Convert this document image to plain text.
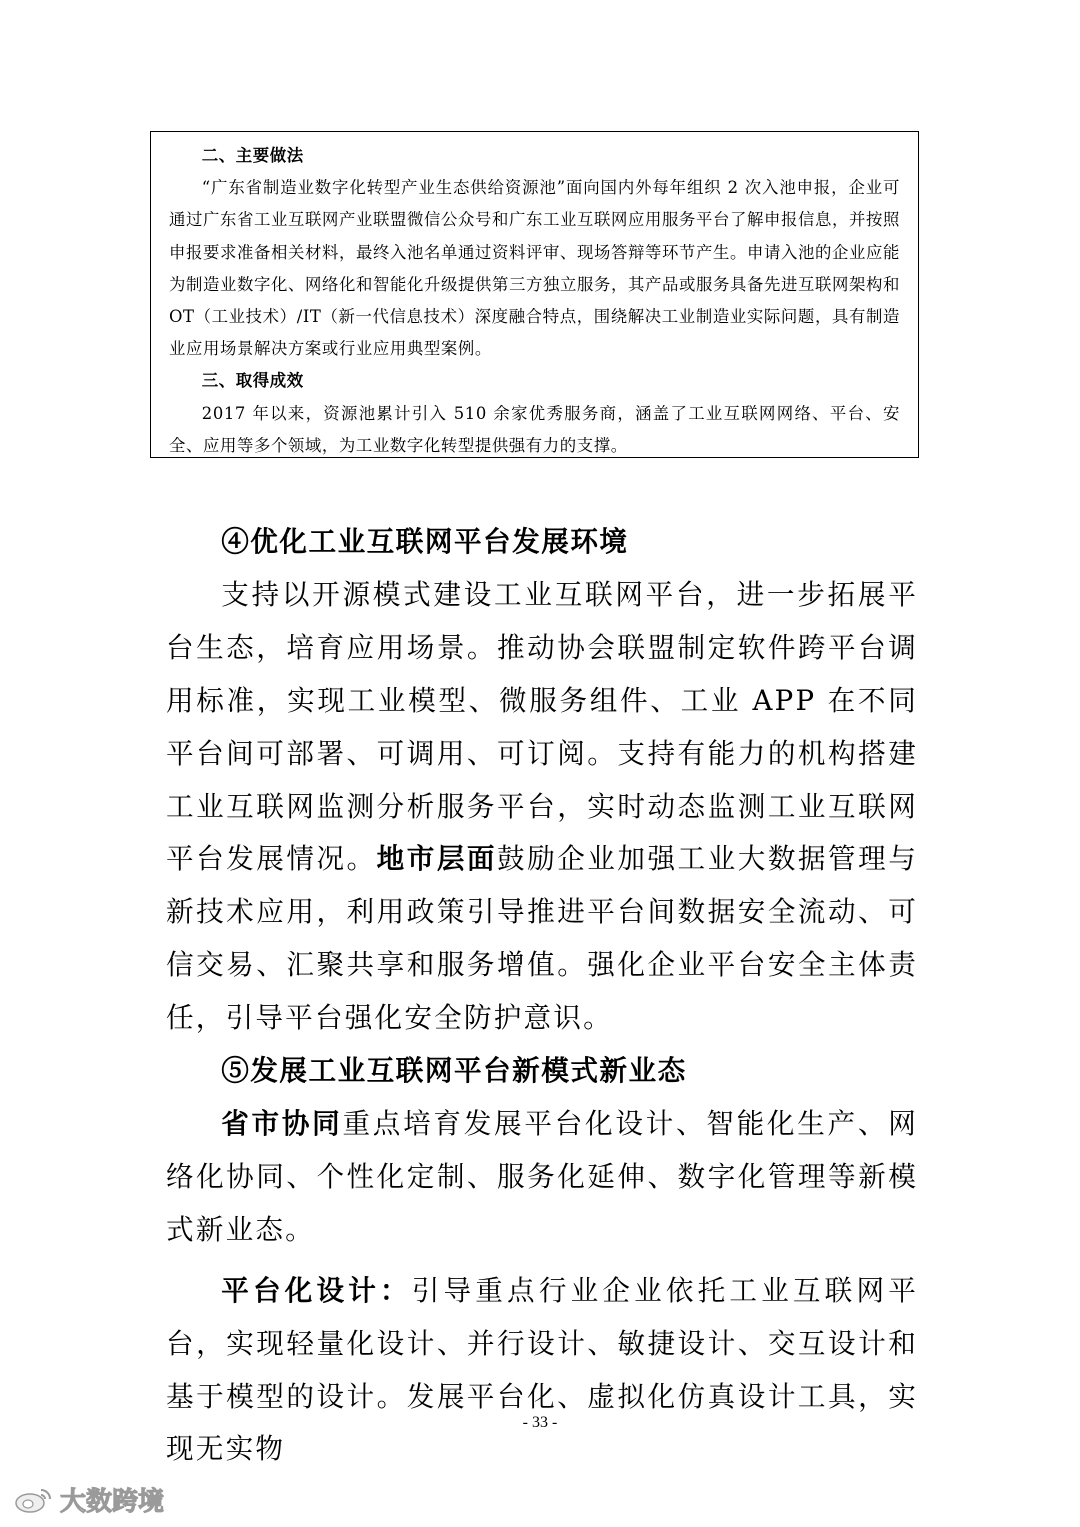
二、主要做法

“广东省制造业数字化转型产业生态供给资源池”面向国内外每年组织 2 次入池申报，企业可通过广东省工业互联网产业联盟微信公众号和广东工业互联网应用服务平台了解申报信息，并按照申报要求准备相关材料，最终入池名单通过资料评审、现场答辩等环节产生。申请入池的企业应能为制造业数字化、网络化和智能化升级提供第三方独立服务，其产品或服务具备先进互联网架构和 OT（工业技术）/IT（新一代信息技术）深度融合特点，围绕解决工业制造业实际问题，具有制造业应用场景解决方案或行业应用典型案例。

三、取得成效

2017 年以来，资源池累计引入 510 余家优秀服务商，涵盖了工业互联网网络、平台、安全、应用等多个领域，为工业数字化转型提供强有力的支撑。

④优化工业互联网平台发展环境

支持以开源模式建设工业互联网平台，进一步拓展平台生态，培育应用场景。推动协会联盟制定软件跨平台调用标准，实现工业模型、微服务组件、工业 APP 在不同平台间可部署、可调用、可订阅。支持有能力的机构搭建工业互联网监测分析服务平台，实时动态监测工业互联网平台发展情况。地市层面鼓励企业加强工业大数据管理与新技术应用，利用政策引导推进平台间数据安全流动、可信交易、汇聚共享和服务增值。强化企业平台安全主体责任，引导平台强化安全防护意识。

⑤发展工业互联网平台新模式新业态

省市协同重点培育发展平台化设计、智能化生产、网络化协同、个性化定制、服务化延伸、数字化管理等新模式新业态。

平台化设计：引导重点行业企业依托工业互联网平台，实现轻量化设计、并行设计、敏捷设计、交互设计和基于模型的设计。发展平台化、虚拟化仿真设计工具，实现无实物

- 33 -
大数跨境
